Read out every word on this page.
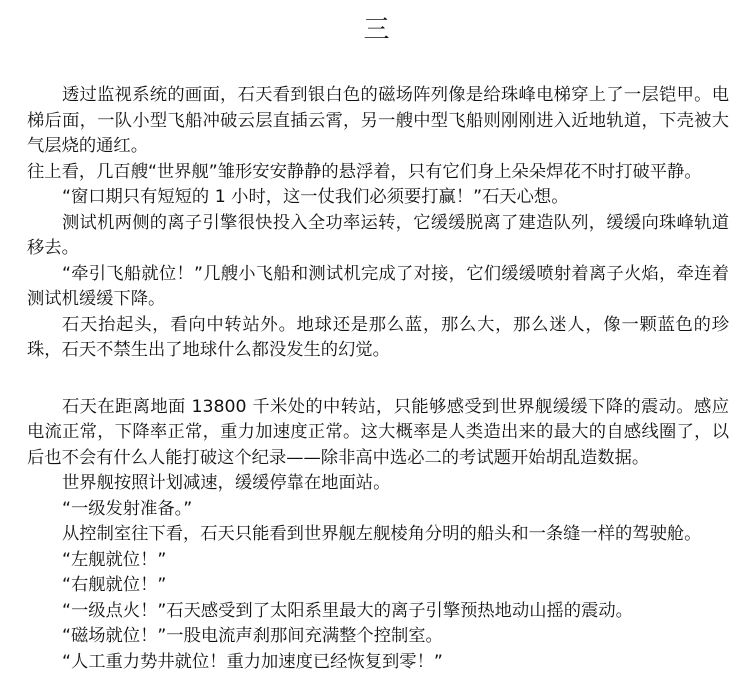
三

透过监视系统的画面，石天看到银白色的磁场阵列像是给珠峰电梯穿上了一层铠甲。电梯后面，一队小型飞船冲破云层直插云霄，另一艘中型飞船则刚刚进入近地轨道，下壳被大气层烧的通红。

往上看，几百艘“世界舰”雏形安安静静的悬浮着，只有它们身上朵朵焊花不时打破平静。

“窗口期只有短短的 1 小时，这一仗我们必须要打赢！”石天心想。

测试机两侧的离子引擎很快投入全功率运转，它缓缓脱离了建造队列，缓缓向珠峰轨道移去。

“牵引飞船就位！”几艘小飞船和测试机完成了对接，它们缓缓喷射着离子火焰，牵连着测试机缓缓下降。

石天抬起头，看向中转站外。地球还是那么蓝，那么大，那么迷人，像一颗蓝色的珍珠，石天不禁生出了地球什么都没发生的幻觉。

石天在距离地面 13800 千米处的中转站，只能够感受到世界舰缓缓下降的震动。感应电流正常，下降率正常，重力加速度正常。这大概率是人类造出来的最大的自感线圈了，以后也不会有什么人能打破这个纪录——除非高中选必二的考试题开始胡乱造数据。

世界舰按照计划减速，缓缓停靠在地面站。

“一级发射准备。”

从控制室往下看，石天只能看到世界舰左舰棱角分明的船头和一条缝一样的驾驶舱。

“左舰就位！”

“右舰就位！”

“一级点火！”石天感受到了太阳系里最大的离子引擎预热地动山摇的震动。

“磁场就位！”一股电流声刹那间充满整个控制室。

“人工重力势井就位！重力加速度已经恢复到零！”
